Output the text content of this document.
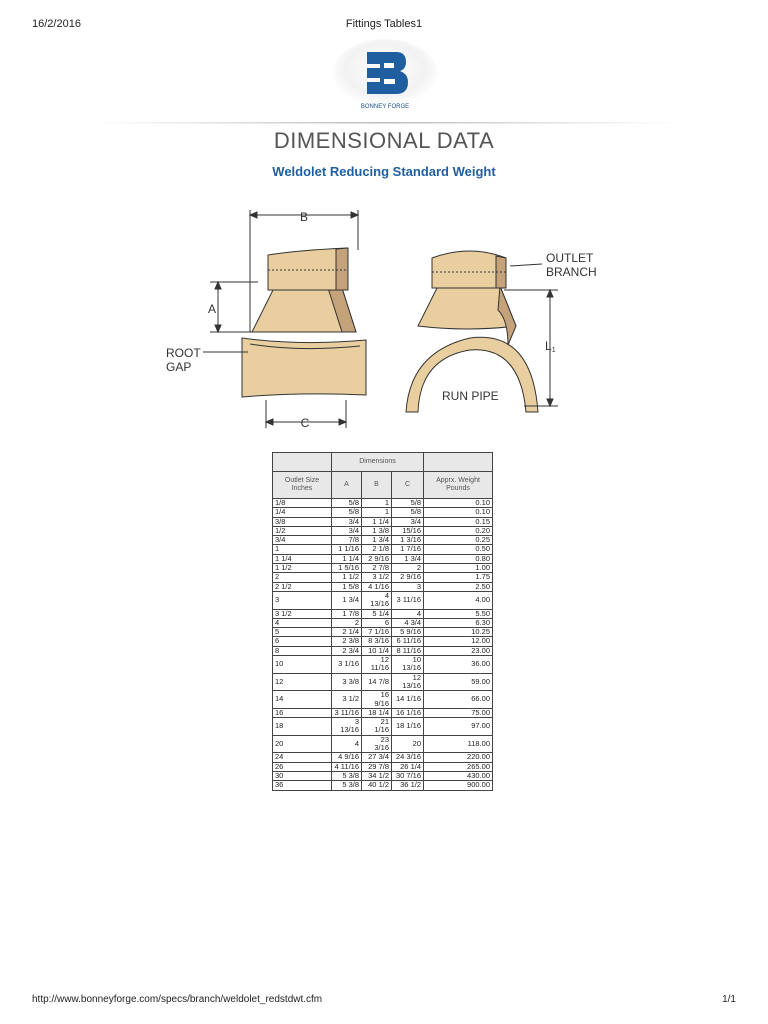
16/2/2016	Fittings Tables1
BONNEY FORGE
DIMENSIONAL DATA
Weldolet Reducing Standard Weight
B
A
ROOT
GAP
C
OUTLET
BRANCH
L1
RUN PIPE
	Dimensions			
Outlet Size Inches	A	B	C	Apprx. Weight Pounds
1/8	5/8	1	5/8	0.10
1/4	5/8	1	5/8	0.10
3/8	3/4	1 1/4	3/4	0.15
1/2	3/4	1 3/8	15/16	0.20
3/4	7/8	1 3/4	1 3/16	0.25
1	1 1/16	2 1/8	1 7/16	0.50
1 1/4	1 1/4	2 9/16	1 3/4	0.80
1 1/2	1 5/16	2 7/8	2	1.00
2	1 1/2	3 1/2	2 9/16	1.75
2 1/2	1 5/8	4 1/16	3	2.50
3	1 3/4	4 13/16	3 11/16	4.00
3 1/2	1 7/8	5 1/4	4	5.50
4	2	6	4 3/4	6.30
5	2 1/4	7 1/16	5 9/16	10.25
6	2 3/8	8 3/16	6 11/16	12.00
8	2 3/4	10 1/4	8 11/16	23.00
10	3 1/16	12 11/16	10 13/16	36.00
12	3 3/8	14 7/8	12 13/16	59.00
14	3 1/2	16 9/16	14 1/16	66.00
16	3 11/16	18 1/4	16 1/16	75.00
18	3 13/16	21 1/16	18 1/16	97.00
20	4	23 3/16	20	118.00
24	4 9/16	27 3/4	24 3/16	220.00
26	4 11/16	29 7/8	26 1/4	265.00
30	5 3/8	34 1/2	30 7/16	430.00
36	5 3/8	40 1/2	36 1/2	900.00
http://www.bonneyforge.com/specs/branch/weldolet_redstdwt.cfm	1/1
